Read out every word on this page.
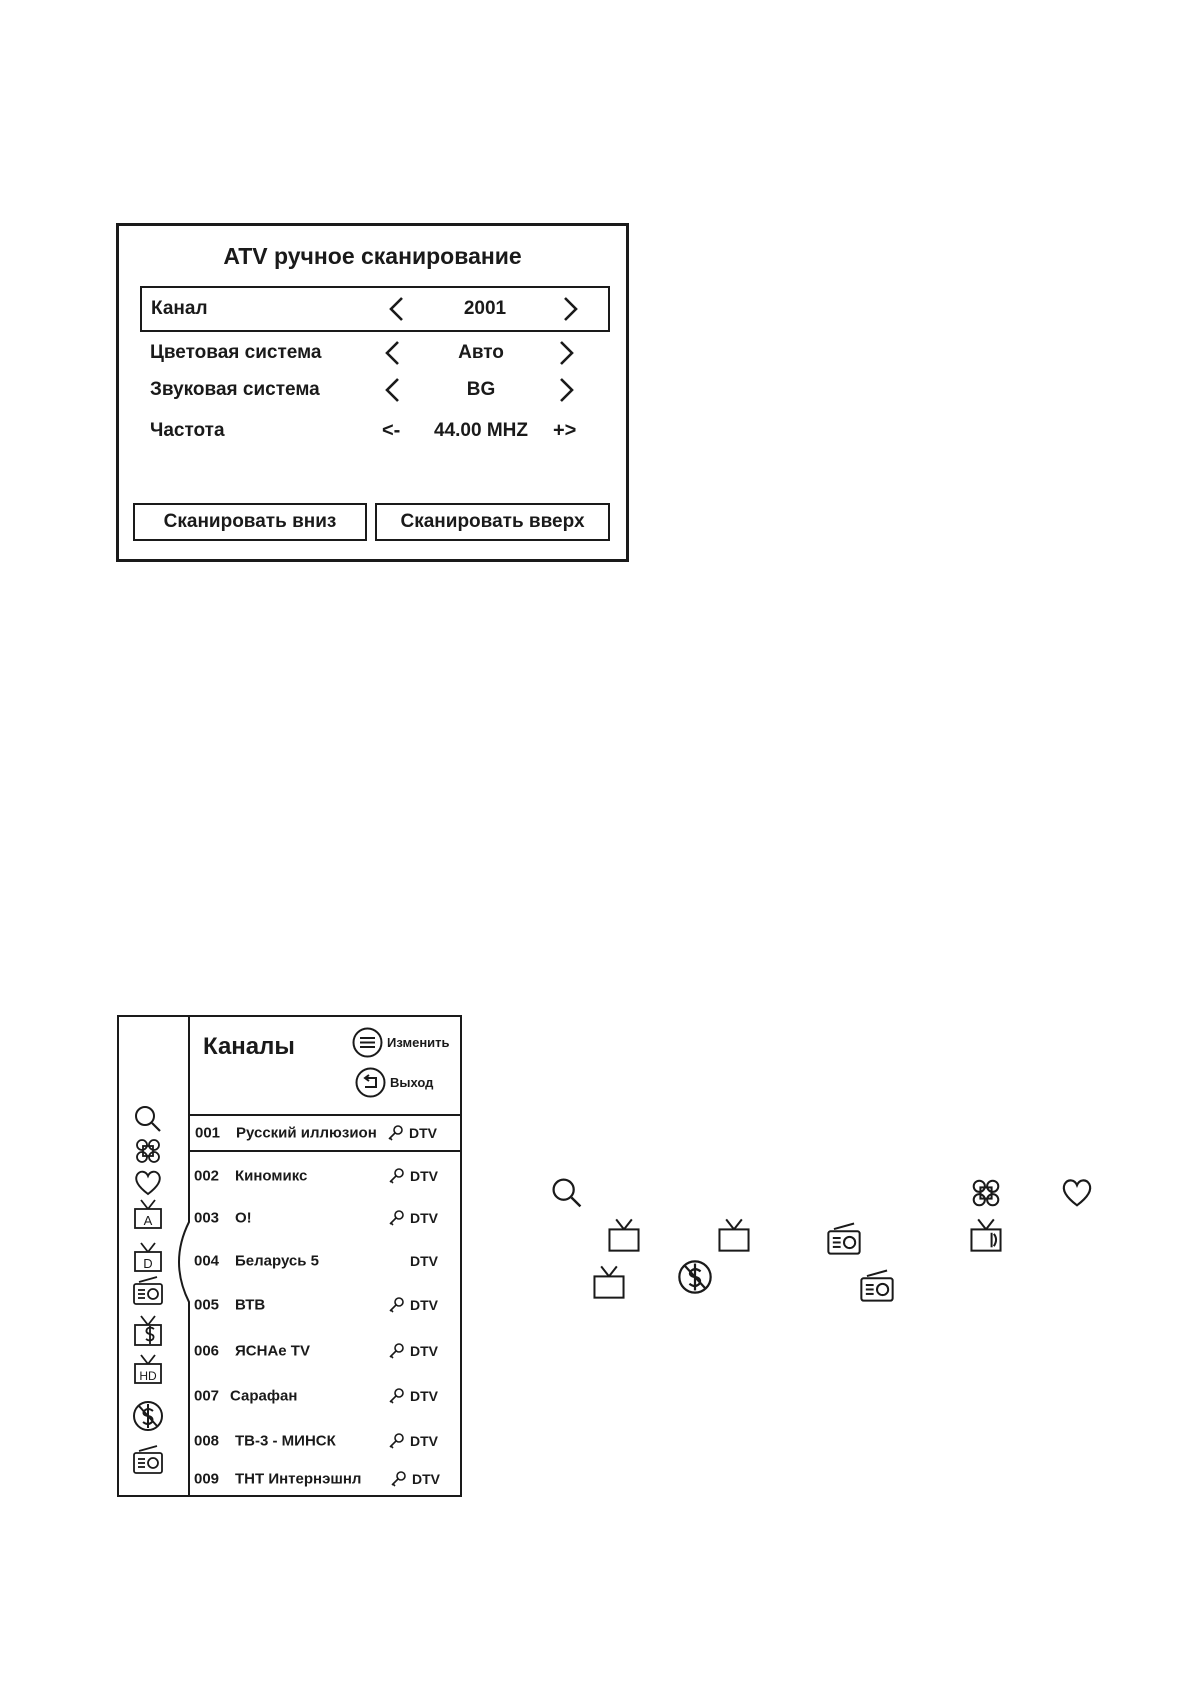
ATV ручное сканирование
Канал	2001
Цветовая система	Авто
Звуковая система	BG
Частота	<-	44.00 MHZ	+>
Сканировать вниз	Сканировать вверх
Каналы	Изменить
Выход
A
D
HD
001 Русский иллюзион DTV
002 Киномикс	DTV
003 О!	DTV
004 Беларусь 5	DTV
005 ВТВ	DTV
006 ЯСНАе TV	DTV
007 Сарафан	DTV
008 ТВ-3 - МИНСК	DTV
009 ТНТ Интернэшнл	DTV
